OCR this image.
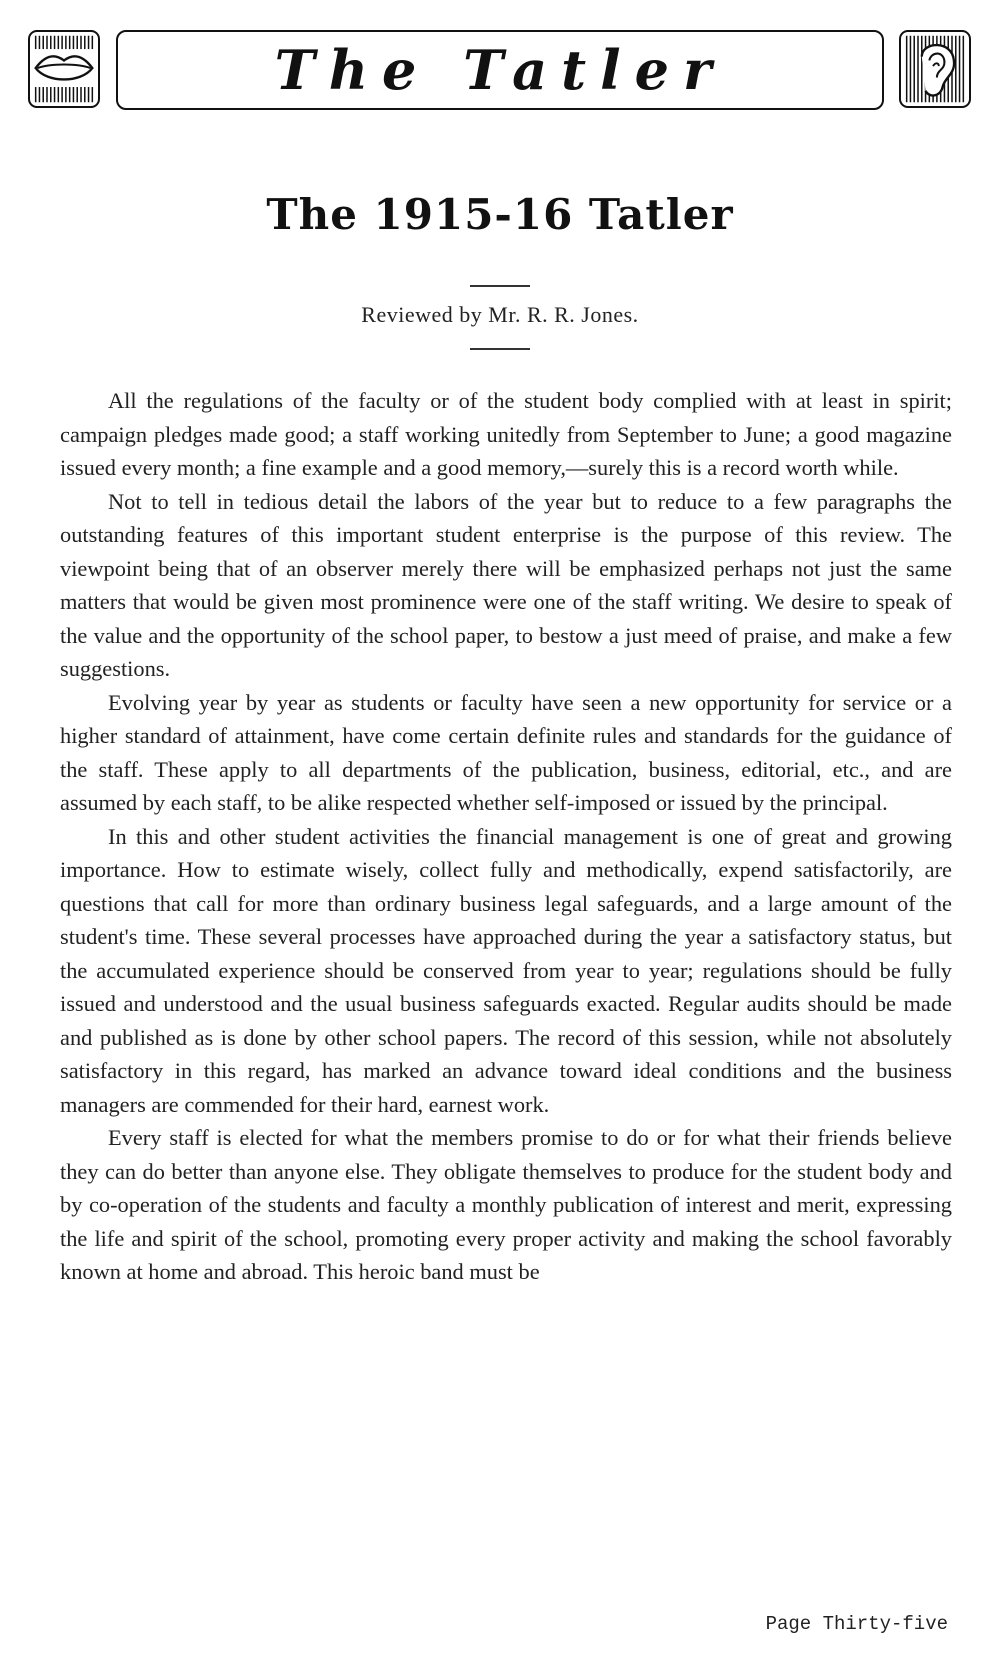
The Tatler
The 1915-16 Tatler
Reviewed by Mr. R. R. Jones.

All the regulations of the faculty or of the student body complied with at least in spirit; campaign pledges made good; a staff working unitedly from September to June; a good magazine issued every month; a fine example and a good memory,—surely this is a record worth while.

Not to tell in tedious detail the labors of the year but to reduce to a few paragraphs the outstanding features of this important student enterprise is the purpose of this review. The viewpoint being that of an observer merely there will be emphasized perhaps not just the same matters that would be given most prominence were one of the staff writing. We desire to speak of the value and the opportunity of the school paper, to bestow a just meed of praise, and make a few suggestions.

Evolving year by year as students or faculty have seen a new opportunity for service or a higher standard of attainment, have come certain definite rules and standards for the guidance of the staff. These apply to all departments of the publication, business, editorial, etc., and are assumed by each staff, to be alike respected whether self-imposed or issued by the principal.

In this and other student activities the financial management is one of great and growing importance. How to estimate wisely, collect fully and methodically, expend satisfactorily, are questions that call for more than ordinary business legal safeguards, and a large amount of the student's time. These several processes have approached during the year a satisfactory status, but the accumulated experience should be conserved from year to year; regulations should be fully issued and understood and the usual business safeguards exacted. Regular audits should be made and published as is done by other school papers. The record of this session, while not absolutely satisfactory in this regard, has marked an advance toward ideal conditions and the business managers are commended for their hard, earnest work.

Every staff is elected for what the members promise to do or for what their friends believe they can do better than anyone else. They obligate themselves to produce for the student body and by co-operation of the students and faculty a monthly publication of interest and merit, expressing the life and spirit of the school, promoting every proper activity and making the school favorably known at home and abroad. This heroic band must be

Page Thirty-five
